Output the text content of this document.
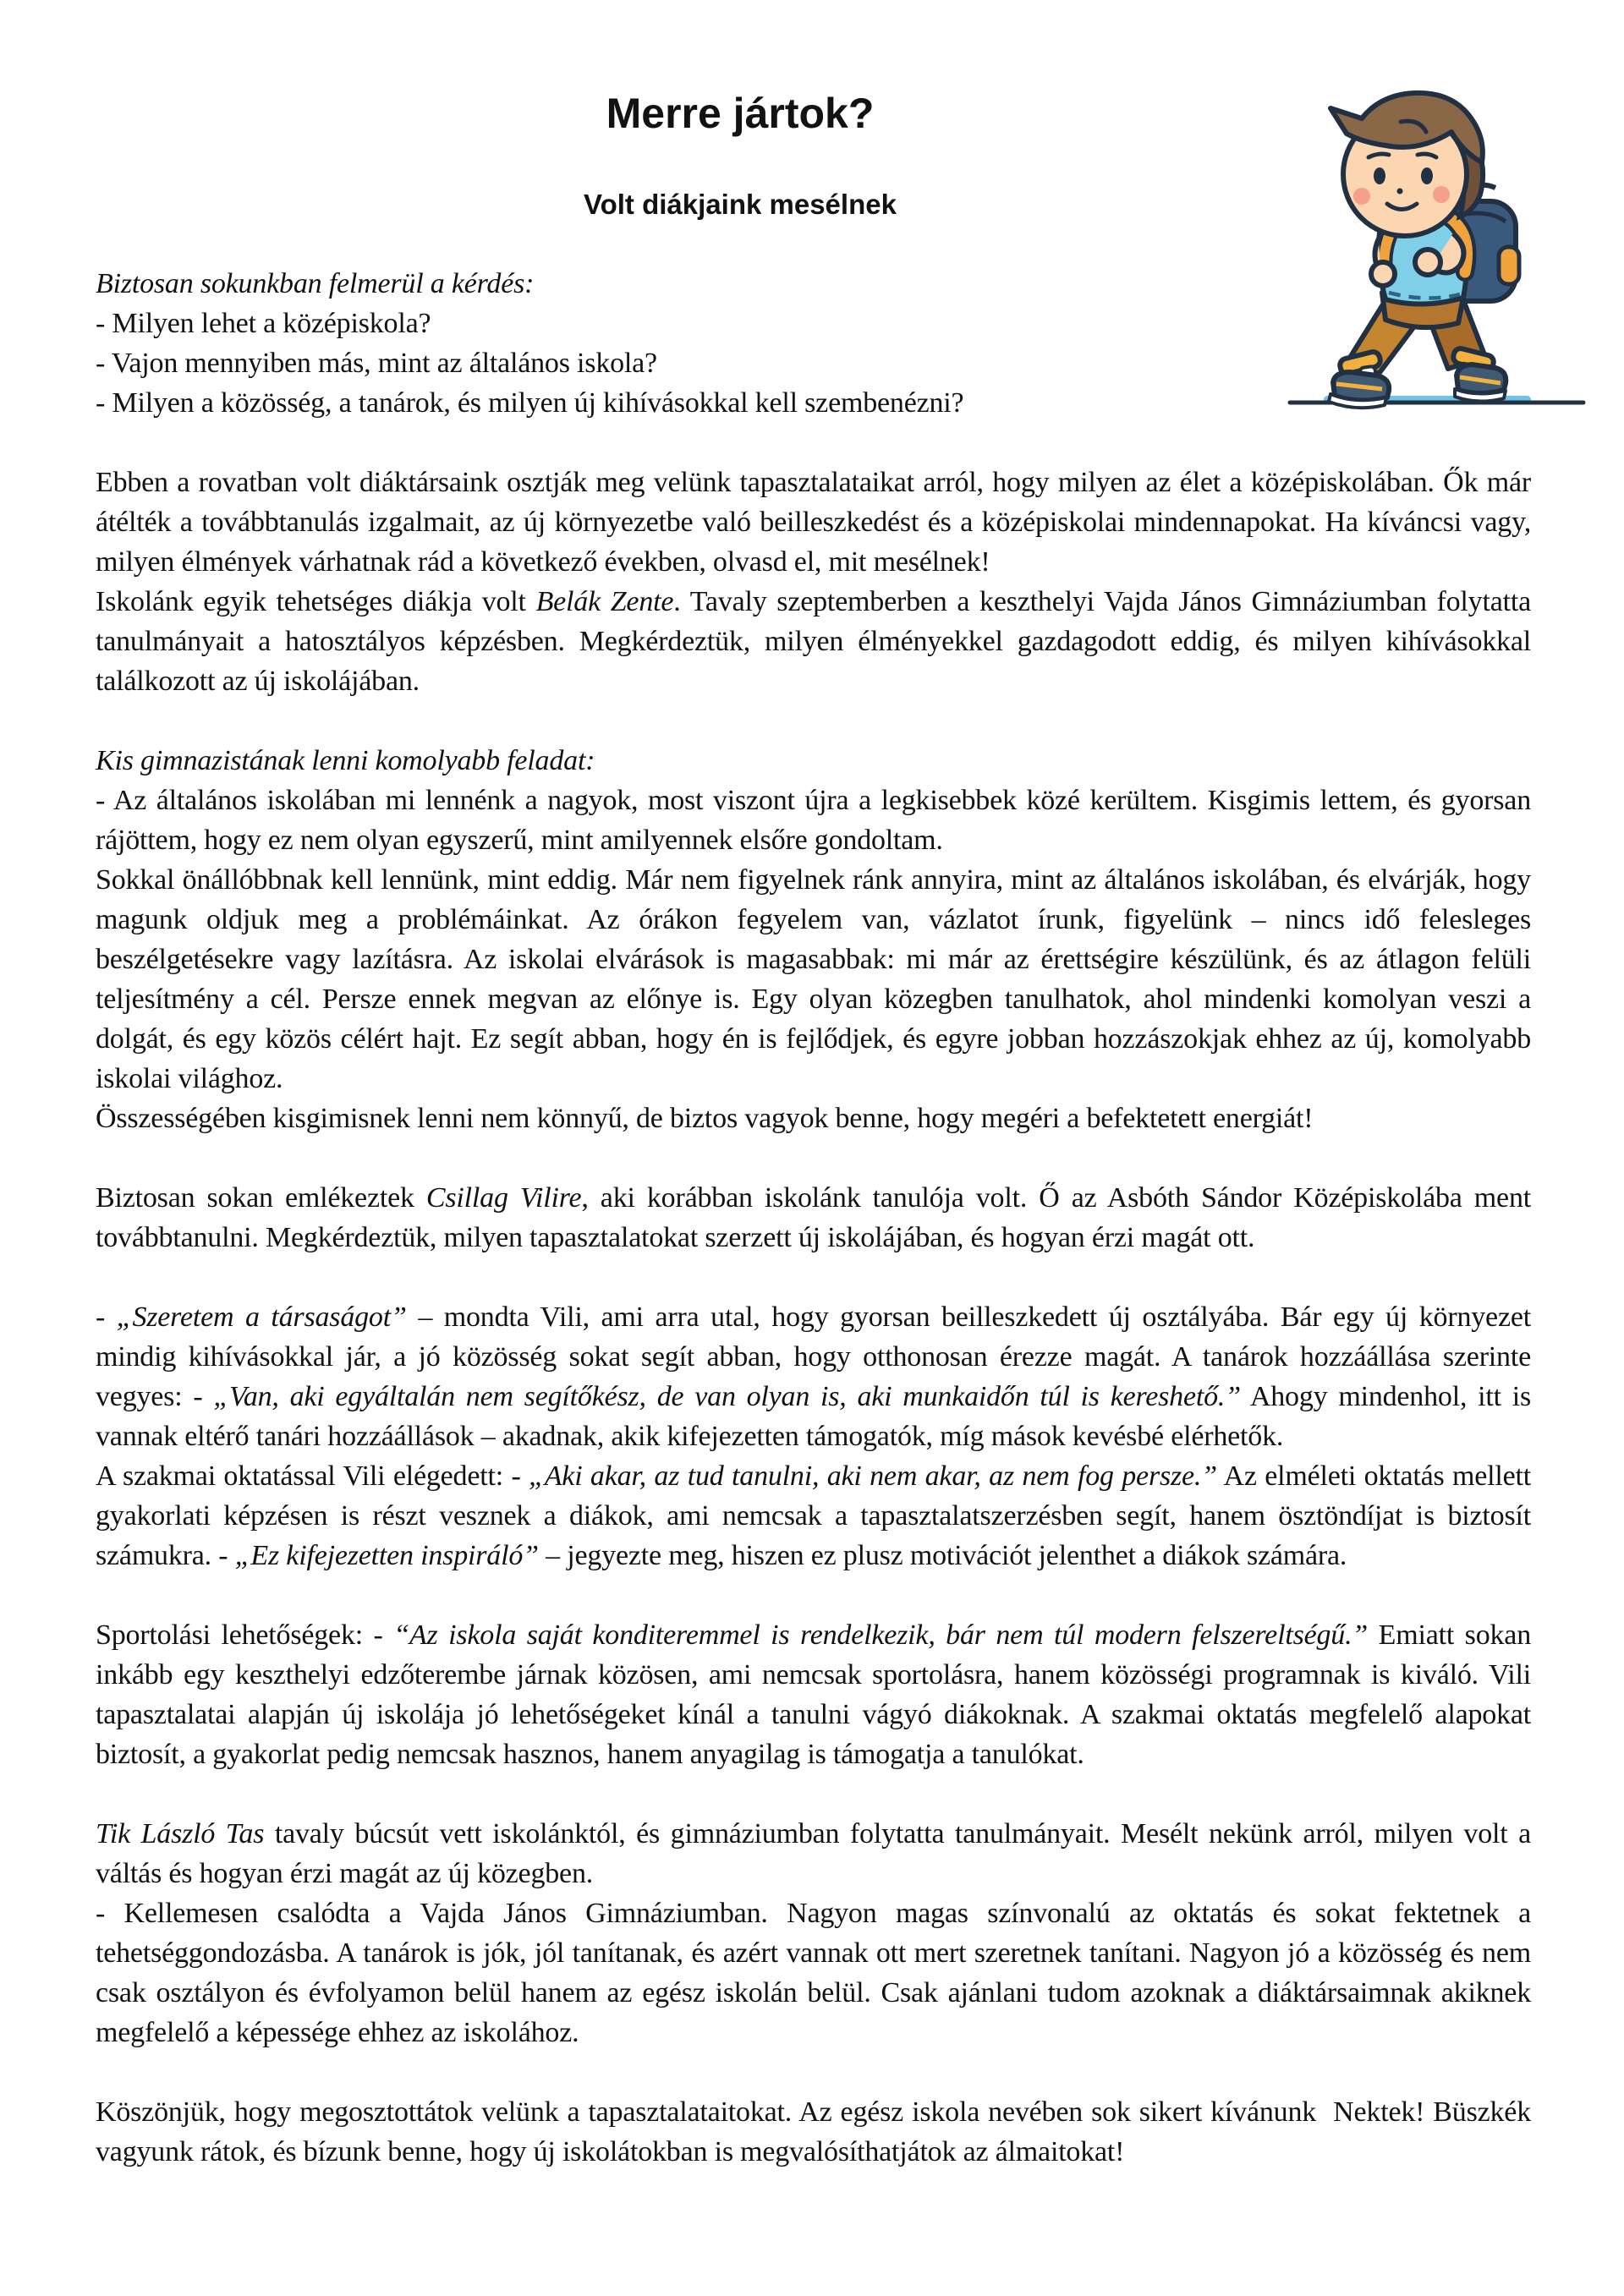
Merre jártok?
Volt diákjaink mesélnek

Biztosan sokunkban felmerül a kérdés:
- Milyen lehet a középiskola?
- Vajon mennyiben más, mint az általános iskola?
- Milyen a közösség, a tanárok, és milyen új kihívásokkal kell szembenézni?

Ebben a rovatban volt diáktársaink osztják meg velünk tapasztalataikat arról, hogy milyen az élet a középiskolában. Ők már átélték a továbbtanulás izgalmait, az új környezetbe való beilleszkedést és a középiskolai mindennapokat. Ha kíváncsi vagy, milyen élmények várhatnak rád a következő években, olvasd el, mit mesélnek!
Iskolánk egyik tehetséges diákja volt Belák Zente. Tavaly szeptemberben a keszthelyi Vajda János Gimnáziumban folytatta tanulmányait a hatosztályos képzésben. Megkérdeztük, milyen élményekkel gazdagodott eddig, és milyen kihívásokkal találkozott az új iskolájában.

Kis gimnazistának lenni komolyabb feladat:
- Az általános iskolában mi lennénk a nagyok, most viszont újra a legkisebbek közé kerültem. Kisgimis lettem, és gyorsan rájöttem, hogy ez nem olyan egyszerű, mint amilyennek elsőre gondoltam.
Sokkal önállóbbnak kell lennünk, mint eddig. Már nem figyelnek ránk annyira, mint az általános iskolában, és elvárják, hogy magunk oldjuk meg a problémáinkat. Az órákon fegyelem van, vázlatot írunk, figyelünk – nincs idő felesleges beszélgetésekre vagy lazításra. Az iskolai elvárások is magasabbak: mi már az érettségire készülünk, és az átlagon felüli teljesítmény a cél. Persze ennek megvan az előnye is. Egy olyan közegben tanulhatok, ahol mindenki komolyan veszi a dolgát, és egy közös célért hajt. Ez segít abban, hogy én is fejlődjek, és egyre jobban hozzászokjak ehhez az új, komolyabb iskolai világhoz.
Összességében kisgimisnek lenni nem könnyű, de biztos vagyok benne, hogy megéri a befektetett energiát!

Biztosan sokan emlékeztek Csillag Vilire, aki korábban iskolánk tanulója volt. Ő az Asbóth Sándor Középiskolába ment továbbtanulni. Megkérdeztük, milyen tapasztalatokat szerzett új iskolájában, és hogyan érzi magát ott.

- „Szeretem a társaságot” – mondta Vili, ami arra utal, hogy gyorsan beilleszkedett új osztályába. Bár egy új környezet mindig kihívásokkal jár, a jó közösség sokat segít abban, hogy otthonosan érezze magát. A tanárok hozzáállása szerinte vegyes: - „Van, aki egyáltalán nem segítőkész, de van olyan is, aki munkaidőn túl is kereshető.” Ahogy mindenhol, itt is vannak eltérő tanári hozzáállások – akadnak, akik kifejezetten támogatók, míg mások kevésbé elérhetők.
A szakmai oktatással Vili elégedett: - „Aki akar, az tud tanulni, aki nem akar, az nem fog persze.” Az elméleti oktatás mellett gyakorlati képzésen is részt vesznek a diákok, ami nemcsak a tapasztalatszerzésben segít, hanem ösztöndíjat is biztosít számukra. - „Ez kifejezetten inspiráló” – jegyezte meg, hiszen ez plusz motivációt jelenthet a diákok számára.

Sportolási lehetőségek: - “Az iskola saját konditeremmel is rendelkezik, bár nem túl modern felszereltségű.” Emiatt sokan inkább egy keszthelyi edzőterembe járnak közösen, ami nemcsak sportolásra, hanem közösségi programnak is kiváló. Vili tapasztalatai alapján új iskolája jó lehetőségeket kínál a tanulni vágyó diákoknak. A szakmai oktatás megfelelő alapokat biztosít, a gyakorlat pedig nemcsak hasznos, hanem anyagilag is támogatja a tanulókat.

Tik László Tas tavaly búcsút vett iskolánktól, és gimnáziumban folytatta tanulmányait. Mesélt nekünk arról, milyen volt a váltás és hogyan érzi magát az új közegben.
- Kellemesen csalódta a Vajda János Gimnáziumban. Nagyon magas színvonalú az oktatás és sokat fektetnek a tehetséggondozásba. A tanárok is jók, jól tanítanak, és azért vannak ott mert szeretnek tanítani. Nagyon jó a közösség és nem csak osztályon és évfolyamon belül hanem az egész iskolán belül. Csak ajánlani tudom azoknak a diáktársaimnak akiknek megfelelő a képessége ehhez az iskolához.

Köszönjük, hogy megosztottátok velünk a tapasztalataitokat. Az egész iskola nevében sok sikert kívánunk  Nektek! Büszkék vagyunk rátok, és bízunk benne, hogy új iskolátokban is megvalósíthatjátok az álmaitokat!
